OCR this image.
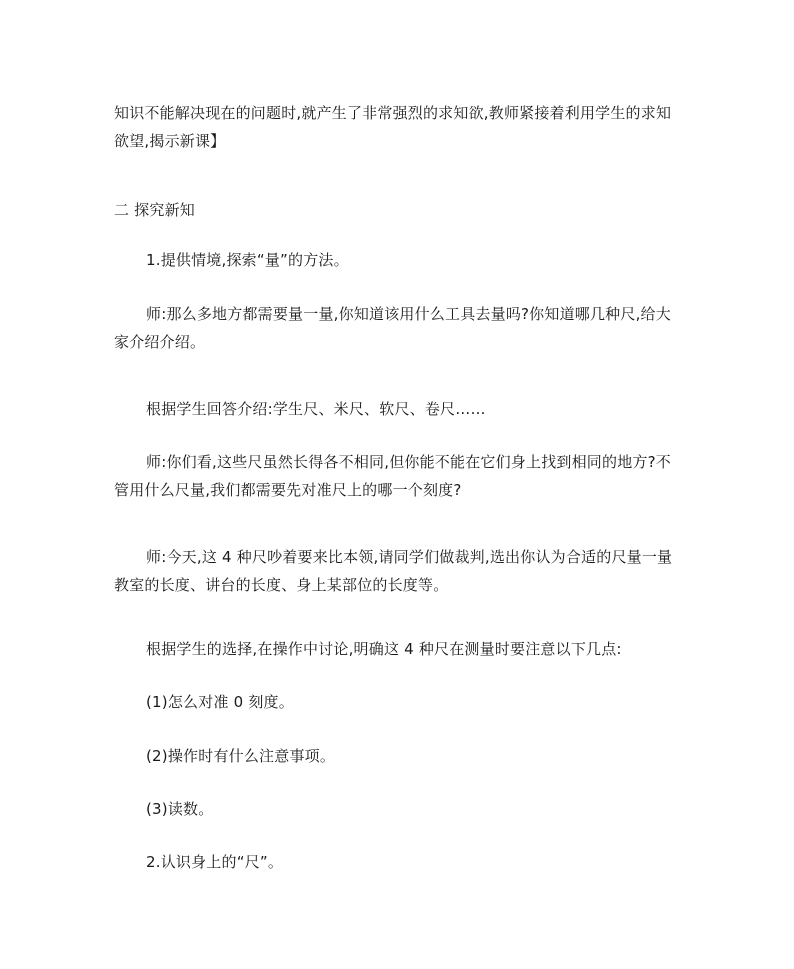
知识不能解决现在的问题时,就产生了非常强烈的求知欲,教师紧接着利用学生的求知
欲望,揭示新课】

二 探究新知

1.提供情境,探索“量”的方法。

师:那么多地方都需要量一量,你知道该用什么工具去量吗?你知道哪几种尺,给大
家介绍介绍。

根据学生回答介绍:学生尺、米尺、软尺、卷尺……

师:你们看,这些尺虽然长得各不相同,但你能不能在它们身上找到相同的地方?不
管用什么尺量,我们都需要先对准尺上的哪一个刻度?

师:今天,这 4 种尺吵着要来比本领,请同学们做裁判,选出你认为合适的尺量一量
教室的长度、讲台的长度、身上某部位的长度等。

根据学生的选择,在操作中讨论,明确这 4 种尺在测量时要注意以下几点:

(1)怎么对准 0 刻度。

(2)操作时有什么注意事项。

(3)读数。

2.认识身上的“尺”。
